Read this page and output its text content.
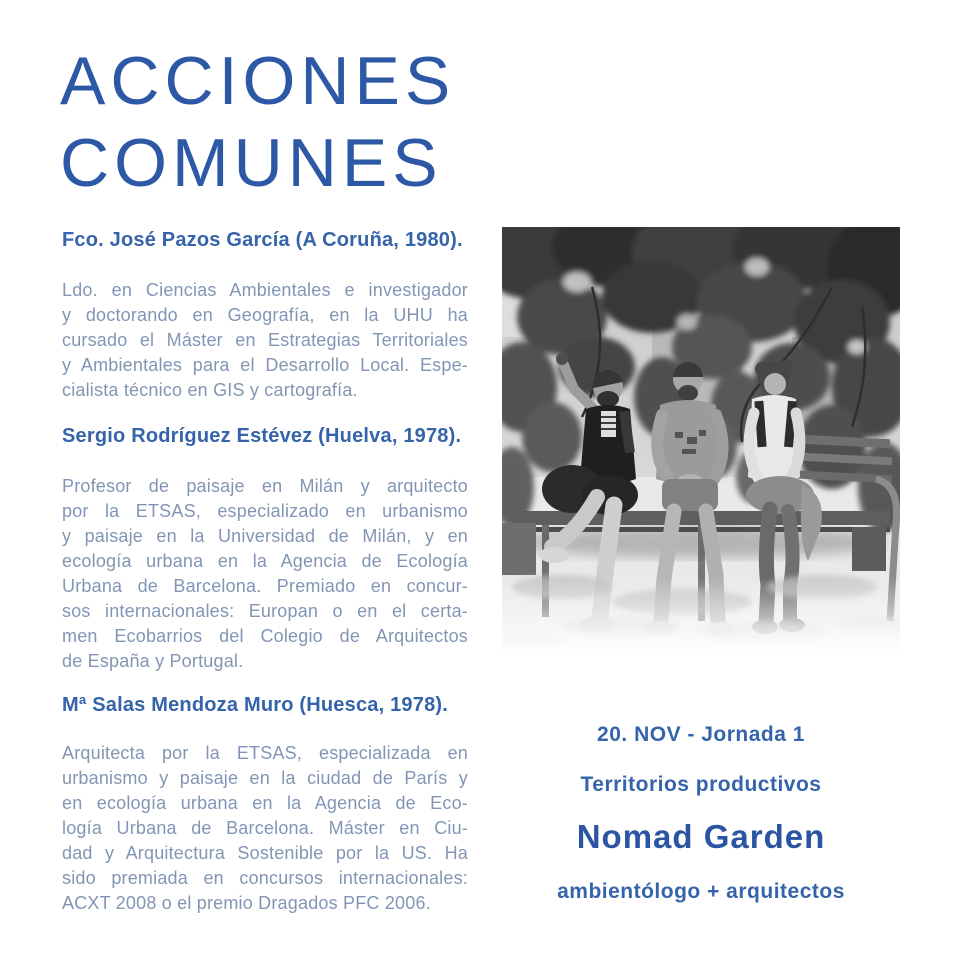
ACCIONES
COMUNES
Fco. José Pazos García (A Coruña, 1980).
Ldo. en Ciencias Ambientales e investigador
y doctorando en Geografía, en la UHU ha
cursado el Máster en Estrategias Territoriales
y Ambientales para el Desarrollo Local. Espe-
cialista técnico en GIS y cartografía.
Sergio Rodríguez Estévez (Huelva, 1978).
Profesor de paisaje en Milán y arquitecto
por la ETSAS, especializado en urbanismo
y paisaje en la Universidad de Milán, y en
ecología urbana en la Agencia de Ecología
Urbana de Barcelona. Premiado en concur-
sos internacionales: Europan o en el certa-
men Ecobarrios del Colegio de Arquitectos
de España y Portugal.
Mª Salas Mendoza Muro (Huesca, 1978).
Arquitecta por la ETSAS, especializada en
urbanismo y paisaje en la ciudad de París y
en ecología urbana en la Agencia de Eco-
logía Urbana de Barcelona. Máster en Ciu-
dad y Arquitectura Sostenible por la US. Ha
sido premiada en concursos internacionales:
ACXT 2008 o el premio Dragados PFC 2006.
20. NOV - Jornada 1
Territorios productivos
Nomad Garden
ambientólogo + arquitectos
